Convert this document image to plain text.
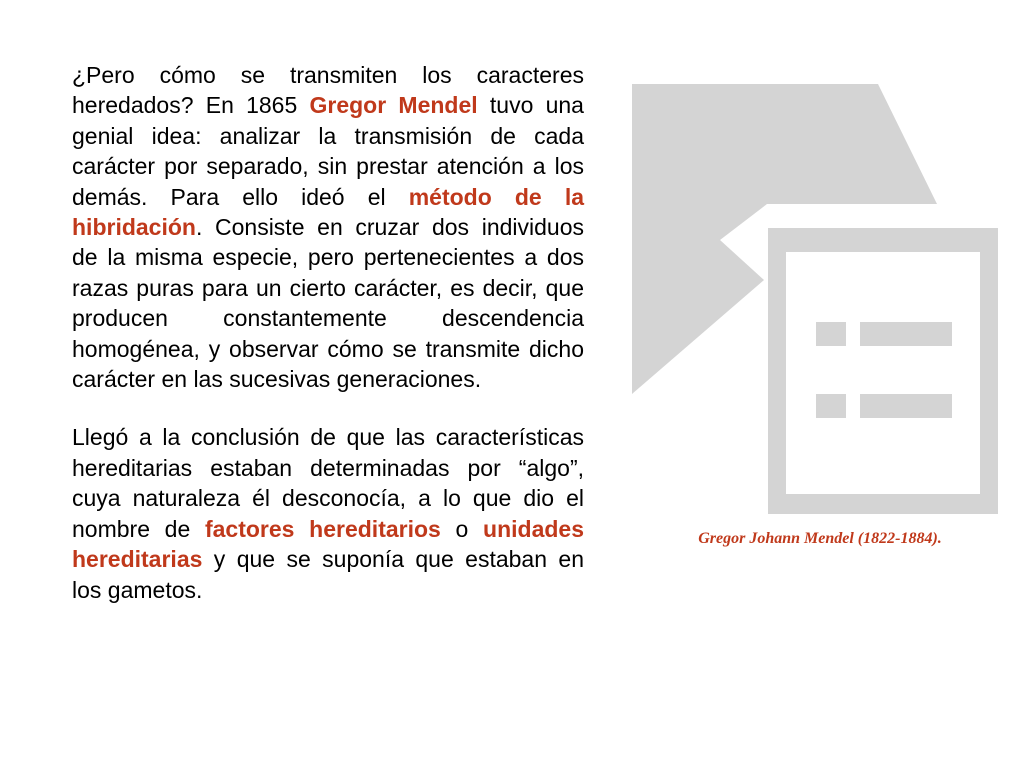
¿Pero cómo se transmiten los caracteres heredados? En 1865 Gregor Mendel tuvo una genial idea: analizar la transmisión de cada carácter por separado, sin prestar atención a los demás. Para ello ideó el método de la hibridación. Consiste en cruzar dos individuos de la misma especie, pero pertenecientes a dos razas puras para un cierto carácter, es decir, que producen constantemente descendencia homogénea, y observar cómo se transmite dicho carácter en las sucesivas generaciones.

Llegó a la conclusión de que las características hereditarias estaban determinadas por “algo”, cuya naturaleza él desconocía, a lo que dio el nombre de factores hereditarios o unidades hereditarias y que se suponía que estaban en los gametos.

Gregor Johann Mendel (1822-1884).
